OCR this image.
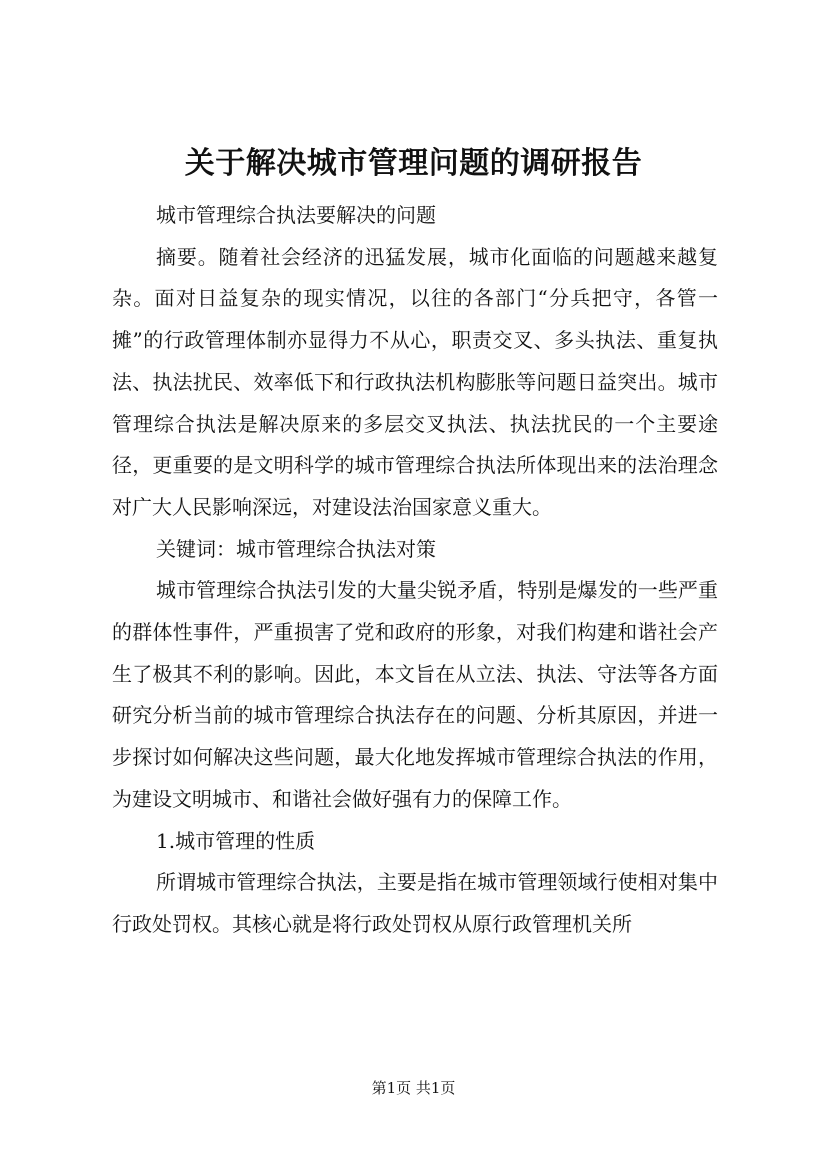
关于解决城市管理问题的调研报告

城市管理综合执法要解决的问题

摘要。随着社会经济的迅猛发展，城市化面临的问题越来越复杂。面对日益复杂的现实情况，以往的各部门“分兵把守，各管一摊”的行政管理体制亦显得力不从心，职责交叉、多头执法、重复执法、执法扰民、效率低下和行政执法机构膨胀等问题日益突出。城市管理综合执法是解决原来的多层交叉执法、执法扰民的一个主要途径，更重要的是文明科学的城市管理综合执法所体现出来的法治理念对广大人民影响深远，对建设法治国家意义重大。

关键词：城市管理综合执法对策

城市管理综合执法引发的大量尖锐矛盾，特别是爆发的一些严重的群体性事件，严重损害了党和政府的形象，对我们构建和谐社会产生了极其不利的影响。因此，本文旨在从立法、执法、守法等各方面研究分析当前的城市管理综合执法存在的问题、分析其原因，并进一步探讨如何解决这些问题，最大化地发挥城市管理综合执法的作用，为建设文明城市、和谐社会做好强有力的保障工作。

1.城市管理的性质

所谓城市管理综合执法，主要是指在城市管理领域行使相对集中行政处罚权。其核心就是将行政处罚权从原行政管理机关所

第1页 共1页
